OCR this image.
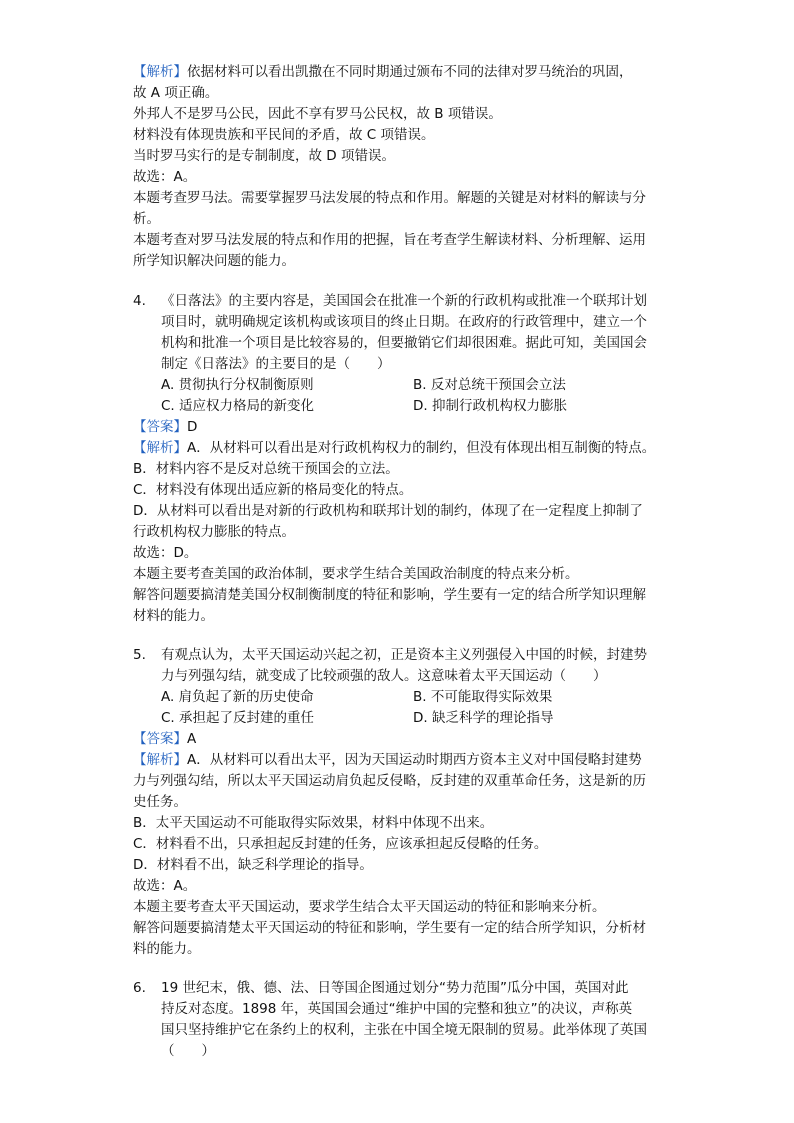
【解析】依据材料可以看出凯撒在不同时期通过颁布不同的法律对罗马统治的巩固，
故 A 项正确。
外邦人不是罗马公民，因此不享有罗马公民权，故 B 项错误。
材料没有体现贵族和平民间的矛盾，故 C 项错误。
当时罗马实行的是专制制度，故 D 项错误。
故选：A。
本题考查罗马法。需要掌握罗马法发展的特点和作用。解题的关键是对材料的解读与分
析。
本题考查对罗马法发展的特点和作用的把握，旨在考查学生解读材料、分析理解、运用
所学知识解决问题的能力。
4. 《日落法》的主要内容是，美国国会在批准一个新的行政机构或批准一个联邦计划
项目时，就明确规定该机构或该项目的终止日期。在政府的行政管理中，建立一个
机构和批准一个项目是比较容易的，但要撤销它们却很困难。据此可知，美国国会
制定《日落法》的主要目的是（　　）
A. 贯彻执行分权制衡原则	B. 反对总统干预国会立法
C. 适应权力格局的新变化	D. 抑制行政机构权力膨胀
【答案】D
【解析】A．从材料可以看出是对行政机构权力的制约，但没有体现出相互制衡的特点。
B．材料内容不是反对总统干预国会的立法。
C．材料没有体现出适应新的格局变化的特点。
D．从材料可以看出是对新的行政机构和联邦计划的制约，体现了在一定程度上抑制了
行政机构权力膨胀的特点。
故选：D。
本题主要考查美国的政治体制，要求学生结合美国政治制度的特点来分析。
解答问题要搞清楚美国分权制衡制度的特征和影响，学生要有一定的结合所学知识理解
材料的能力。
5. 有观点认为，太平天国运动兴起之初，正是资本主义列强侵入中国的时候，封建势
力与列强勾结，就变成了比较顽强的敌人。这意味着太平天国运动（　　）
A. 肩负起了新的历史使命	B. 不可能取得实际效果
C. 承担起了反封建的重任	D. 缺乏科学的理论指导
【答案】A
【解析】A．从材料可以看出太平，因为天国运动时期西方资本主义对中国侵略封建势
力与列强勾结，所以太平天国运动肩负起反侵略，反封建的双重革命任务，这是新的历
史任务。
B．太平天国运动不可能取得实际效果，材料中体现不出来。
C．材料看不出，只承担起反封建的任务，应该承担起反侵略的任务。
D．材料看不出，缺乏科学理论的指导。
故选：A。
本题主要考查太平天国运动，要求学生结合太平天国运动的特征和影响来分析。
解答问题要搞清楚太平天国运动的特征和影响，学生要有一定的结合所学知识，分析材
料的能力。
6. 19 世纪末，俄、德、法、日等国企图通过划分“势力范围”瓜分中国，英国对此
持反对态度。1898 年，英国国会通过“维护中国的完整和独立”的决议，声称英
国只坚持维护它在条约上的权利，主张在中国全境无限制的贸易。此举体现了英国
（　　）
